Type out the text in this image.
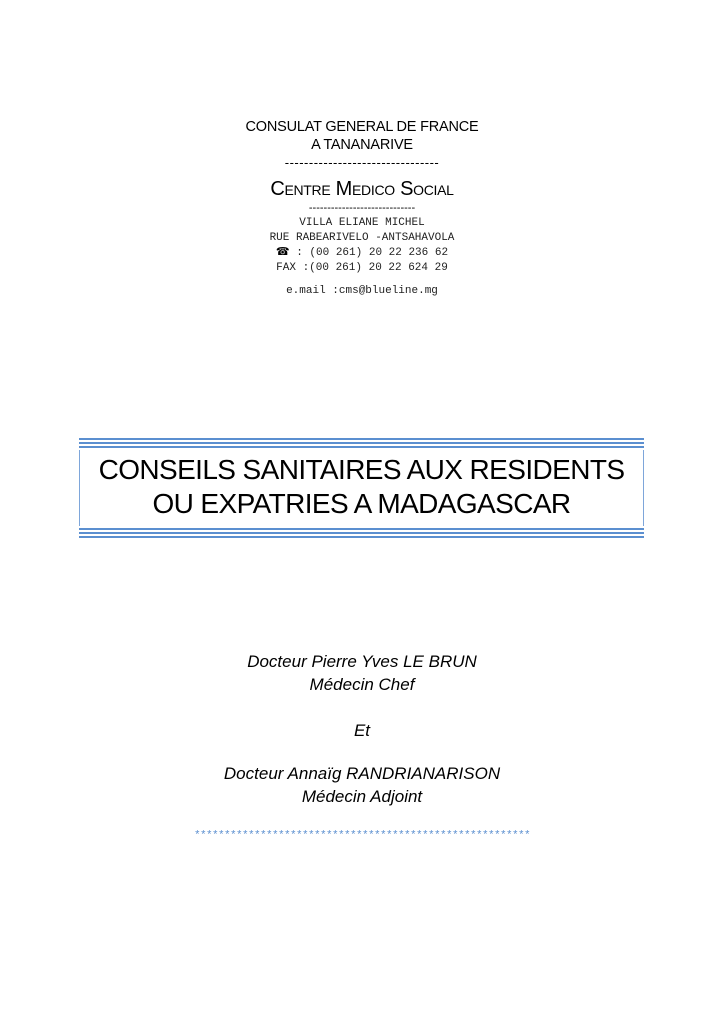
CONSULAT GENERAL DE FRANCE
A TANANARIVE
--------------------------------
Centre Medico Social
-----------------------------
VILLA ELIANE MICHEL
RUE RABEARIVELO -ANTSAHAVOLA
☎ : (00 261) 20 22 236 62
FAX :(00 261) 20 22 624 29
e.mail :cms@blueline.mg
CONSEILS SANITAIRES AUX RESIDENTS
OU EXPATRIES A MADAGASCAR
Docteur Pierre Yves LE BRUN
Médecin Chef
Et
Docteur Annaïg RANDRIANARISON
Médecin Adjoint
********************************************************
